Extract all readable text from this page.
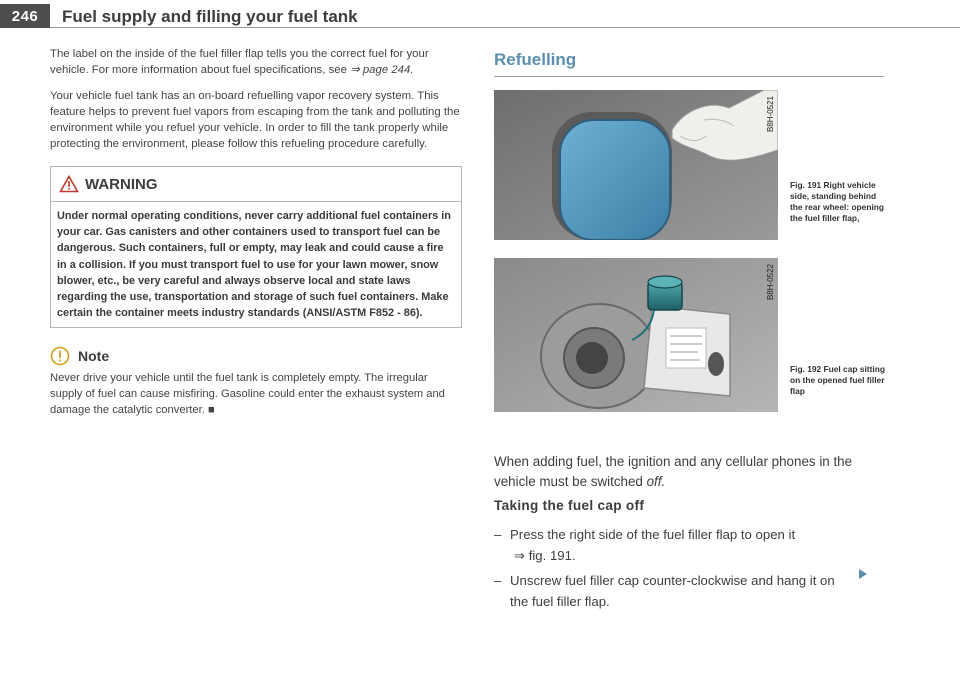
246	Fuel supply and filling your fuel tank

The label on the inside of the fuel filler flap tells you the correct fuel for your vehicle. For more information about fuel specifications, see ⇒ page 244.

Your vehicle fuel tank has an on-board refuelling vapor recovery system. This feature helps to prevent fuel vapors from escaping from the tank and polluting the environment while you refuel your vehicle. In order to fill the tank properly while protecting the environment, please follow this refueling procedure carefully.

WARNING
Under normal operating conditions, never carry additional fuel containers in your car. Gas canisters and other containers used to transport fuel can be dangerous. Such containers, full or empty, may leak and could cause a fire in a collision. If you must transport fuel to use for your lawn mower, snow blower, etc., be very careful and always observe local and state laws regarding the use, transportation and storage of such fuel containers. Make certain the container meets industry standards (ANSI/ASTM F852 - 86).
Note
Never drive your vehicle until the fuel tank is completely empty. The irregular supply of fuel can cause misfiring. Gasoline could enter the exhaust system and damage the catalytic converter. ■
Refuelling
B8H-0521
Fig. 191 Right vehicle side, standing behind the rear wheel: opening the fuel filler flap,
B8H-0522
Fig. 192 Fuel cap sitting on the opened fuel filler flap
When adding fuel, the ignition and any cellular phones in the vehicle must be switched off.
Taking the fuel cap off
– Press the right side of the fuel filler flap to open it
⇒ fig. 191.
– Unscrew fuel filler cap counter-clockwise and hang it on
the fuel filler flap.
